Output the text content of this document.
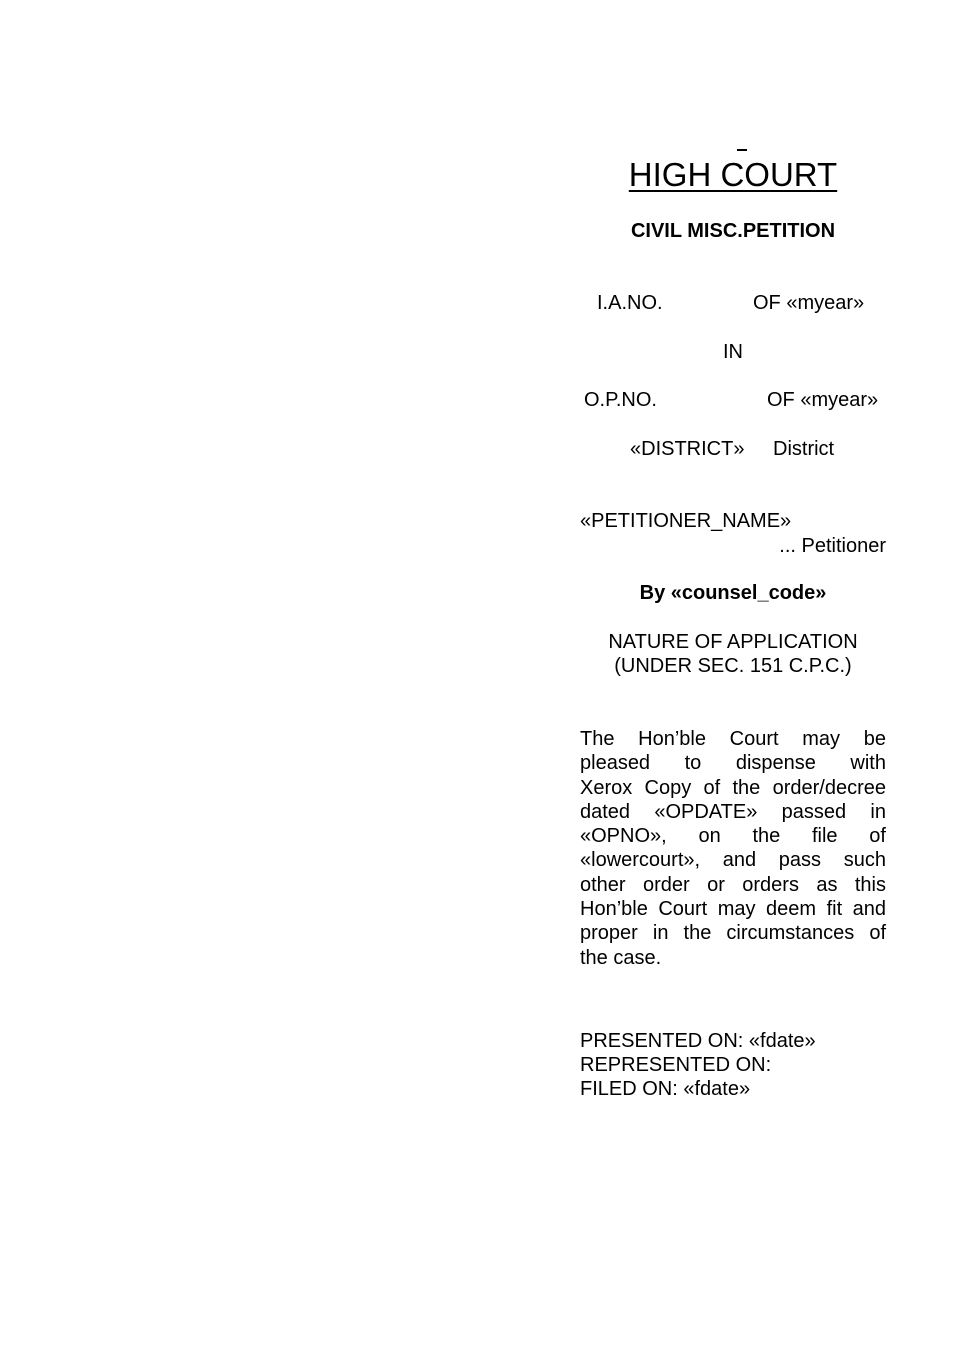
HIGH COURT
CIVIL MISC.PETITION
I.A.NO.	OF «myear»
IN
O.P.NO.	OF «myear»
«DISTRICT» District
«PETITIONER_NAME»
... Petitioner
By «counsel_code»
NATURE OF APPLICATION
(UNDER SEC. 151 C.P.C.)
The Hon’ble Court may be
pleased to dispense with
Xerox Copy of the order/decree
dated «OPDATE» passed in
«OPNO», on the file of
«lowercourt», and pass such
other order or orders as this
Hon’ble Court may deem fit and
proper in the circumstances of
the case.
PRESENTED ON: «fdate»
REPRESENTED ON:
FILED ON: «fdate»
